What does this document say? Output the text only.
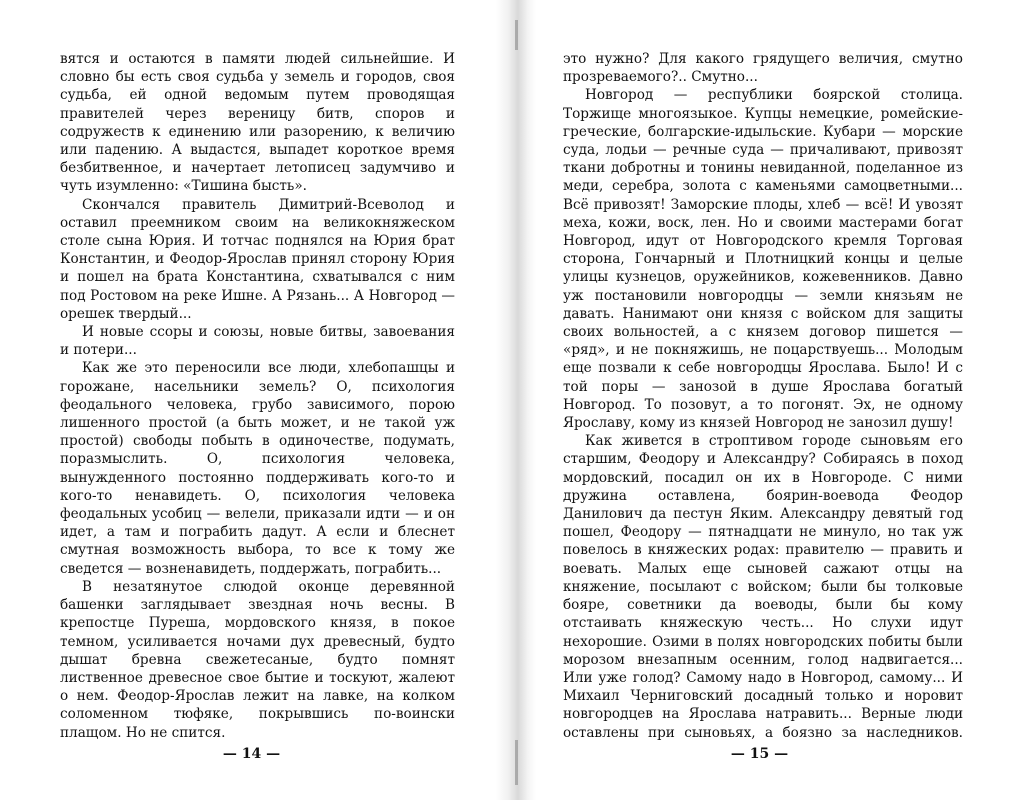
вятся и остаются в памяти людей сильнейшие. И словно бы есть своя судьба у земель и городов, своя судьба, ей одной ведомым путем проводящая правителей через вереницу битв, споров и содружеств к единению или разорению, к величию или падению. А выдастся, выпадет короткое время безбитвенное, и начертает летописец задумчиво и чуть изумленно: «Тишина бысть».

Скончался правитель Димитрий-Всеволод и оставил преемником своим на великокняжеском столе сына Юрия. И тотчас поднялся на Юрия брат Константин, и Феодор-Ярослав принял сторону Юрия и пошел на брата Константина, схватывался с ним под Ростовом на реке Ишне. А Рязань... А Новгород — орешек твердый...

И новые ссоры и союзы, новые битвы, завоевания и потери...

Как же это переносили все люди, хлебопашцы и горожане, насельники земель? О, психология феодального человека, грубо зависимого, порою лишенного простой (а быть может, и не такой уж простой) свободы побыть в одиночестве, подумать, поразмыслить. О, психология человека, вынужденного постоянно поддерживать кого-то и кого-то ненавидеть. О, психология человека феодальных усобиц — велели, приказали идти — и он идет, а там и пограбить дадут. А если и блеснет смутная возможность выбора, то все к тому же сведется — возненавидеть, поддержать, пограбить...

В незатянутое слюдой оконце деревянной башенки заглядывает звездная ночь весны. В крепостце Пуреша, мордовского князя, в покое темном, усиливается ночами дух древесный, будто дышат бревна свежетесаные, будто помнят лиственное древесное свое бытие и тоскуют, жалеют о нем. Феодор-Ярослав лежит на лавке, на колком соломенном тюфяке, покрывшись по-воински плащом. Но не спится.

— 14 —

это нужно? Для какого грядущего величия, смутно прозреваемого?.. Смутно...

Новгород — республики боярской столица. Торжище многоязыкое. Купцы немецкие, ромейские-греческие, болгарские-идыльские. Кубари — морские суда, лодьи — речные суда — причаливают, привозят ткани добротны и тонины невиданной, поделанное из меди, серебра, золота с каменьями самоцветными... Всё привозят! Заморские плоды, хлеб — всё! И увозят меха, кожи, воск, лен. Но и своими мастерами богат Новгород, идут от Новгородского кремля Торговая сторона, Гончарный и Плотницкий концы и целые улицы кузнецов, оружейников, кожевенников. Давно уж постановили новгородцы — земли князьям не давать. Нанимают они князя с войском для защиты своих вольностей, а с князем договор пишется — «ряд», и не покняжишь, не поцарствуешь... Молодым еще позвали к себе новгородцы Ярослава. Было! И с той поры — занозой в душе Ярослава богатый Новгород. То позовут, а то погонят. Эх, не одному Ярославу, кому из князей Новгород не занозил душу!

Как живется в строптивом городе сыновьям его старшим, Феодору и Александру? Собираясь в поход мордовский, посадил он их в Новгороде. С ними дружина оставлена, боярин-воевода Феодор Данилович да пестун Яким. Александру девятый год пошел, Феодору — пятнадцати не минуло, но так уж повелось в княжеских родах: правителю — править и воевать. Малых еще сыновей сажают отцы на княжение, посылают с войском; были бы толковые бояре, советники да воеводы, были бы кому отстаивать княжескую честь... Но слухи идут нехорошие. Озими в полях новгородских побиты были морозом внезапным осенним, голод надвигается... Или уже голод? Самому надо в Новгород, самому... И Михаил Черниговский досадный только и норовит новгородцев на Ярослава натравить... Верные люди оставлены при сыновьях, а боязно за наследников.

— 15 —
